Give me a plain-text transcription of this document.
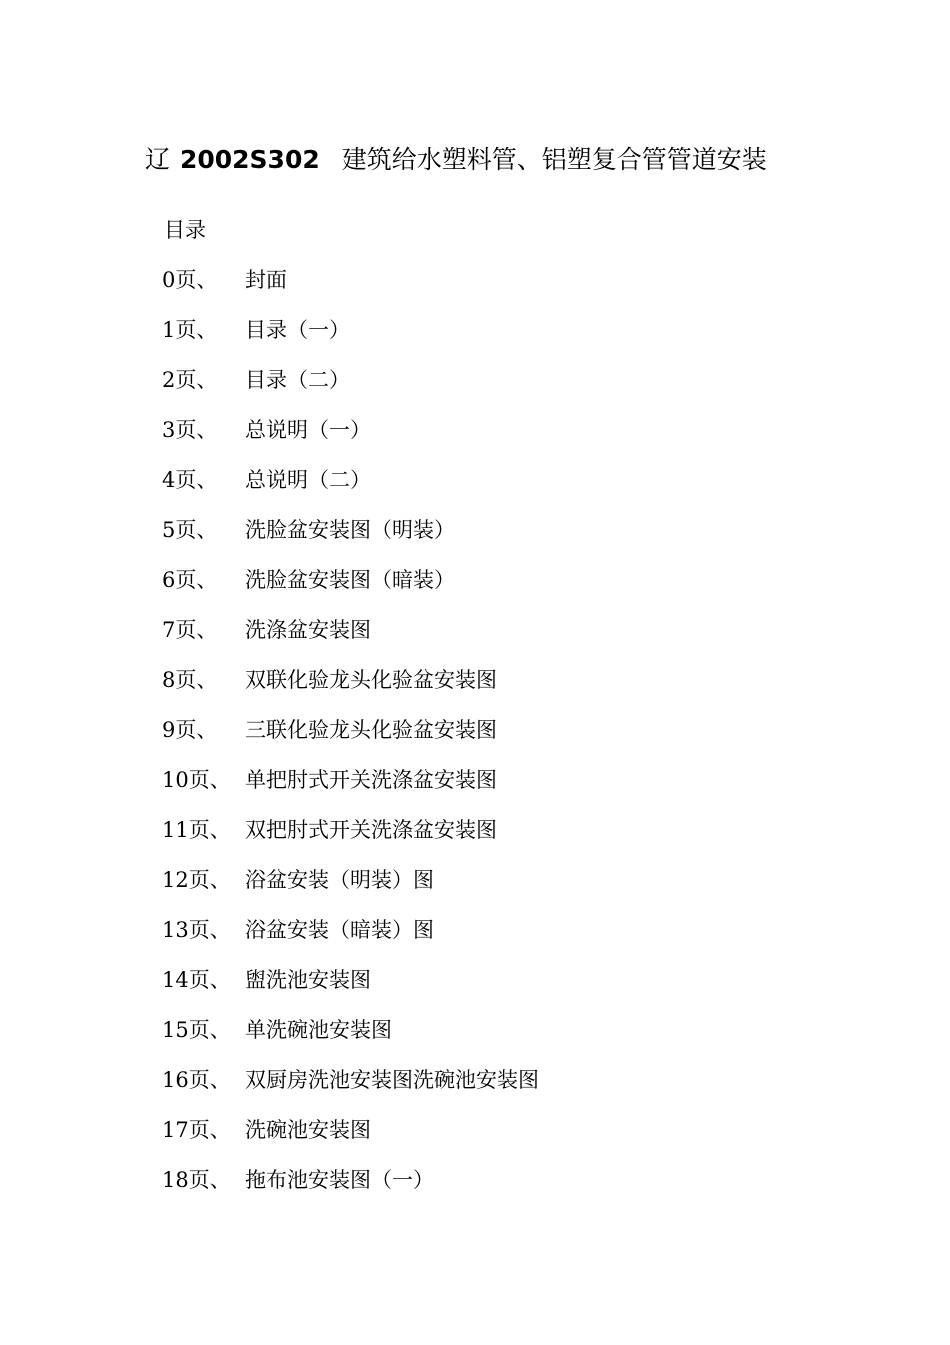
辽 2002S302 建筑给水塑料管、铝塑复合管管道安装
目录
0页、	封面
1页、	目录（一）
2页、	目录（二）
3页、	总说明（一）
4页、	总说明（二）
5页、	洗脸盆安装图（明装）
6页、	洗脸盆安装图（暗装）
7页、	洗涤盆安装图
8页、	双联化验龙头化验盆安装图
9页、	三联化验龙头化验盆安装图
10页、 单把肘式开关洗涤盆安装图
11页、 双把肘式开关洗涤盆安装图
12页、 浴盆安装（明装）图
13页、 浴盆安装（暗装）图
14页、 盥洗池安装图
15页、 单洗碗池安装图
16页、 双厨房洗池安装图洗碗池安装图
17页、 洗碗池安装图
18页、 拖布池安装图（一）
